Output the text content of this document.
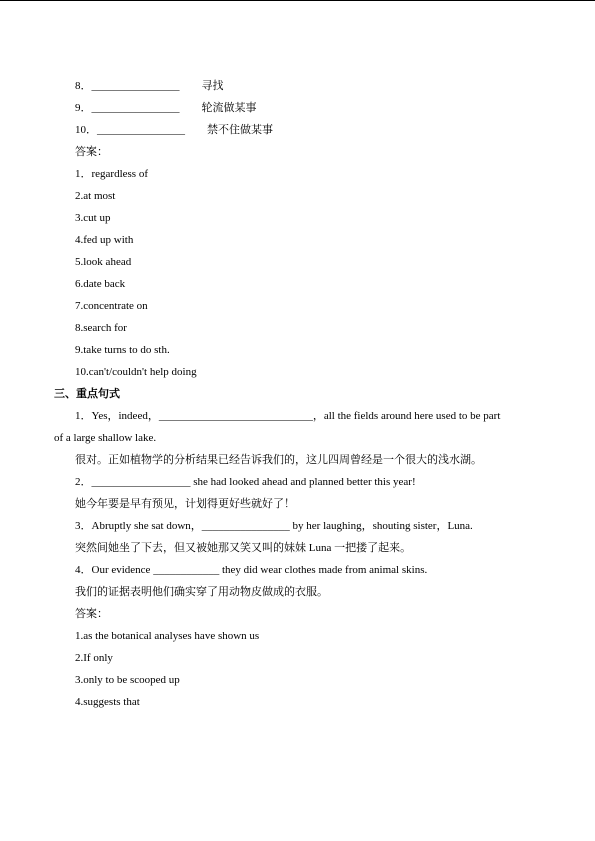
8．________________　　寻找
9．________________　　轮流做某事
10．________________　　禁不住做某事
答案：
1．regardless of
2.at most
3.cut up
4.fed up with
5.look ahead
6.date back
7.concentrate on
8.search for
9.take turns to do sth.
10.can't/couldn't help doing
三、重点句式
1．Yes，indeed，____________________________，all the fields around here used to be part
of a large shallow lake.
很对。正如植物学的分析结果已经告诉我们的，这儿四周曾经是一个很大的浅水湖。
2．__________________ she had looked ahead and planned better this year!
她今年要是早有预见，计划得更好些就好了！
3．Abruptly she sat down，________________ by her laughing，shouting sister，Luna.
突然间她坐了下去，但又被她那又笑又叫的妹妹 Luna 一把搂了起来。
4．Our evidence ____________ they did wear clothes made from animal skins.
我们的证据表明他们确实穿了用动物皮做成的衣服。
答案：
1.as the botanical analyses have shown us
2.If only
3.only to be scooped up
4.suggests that
